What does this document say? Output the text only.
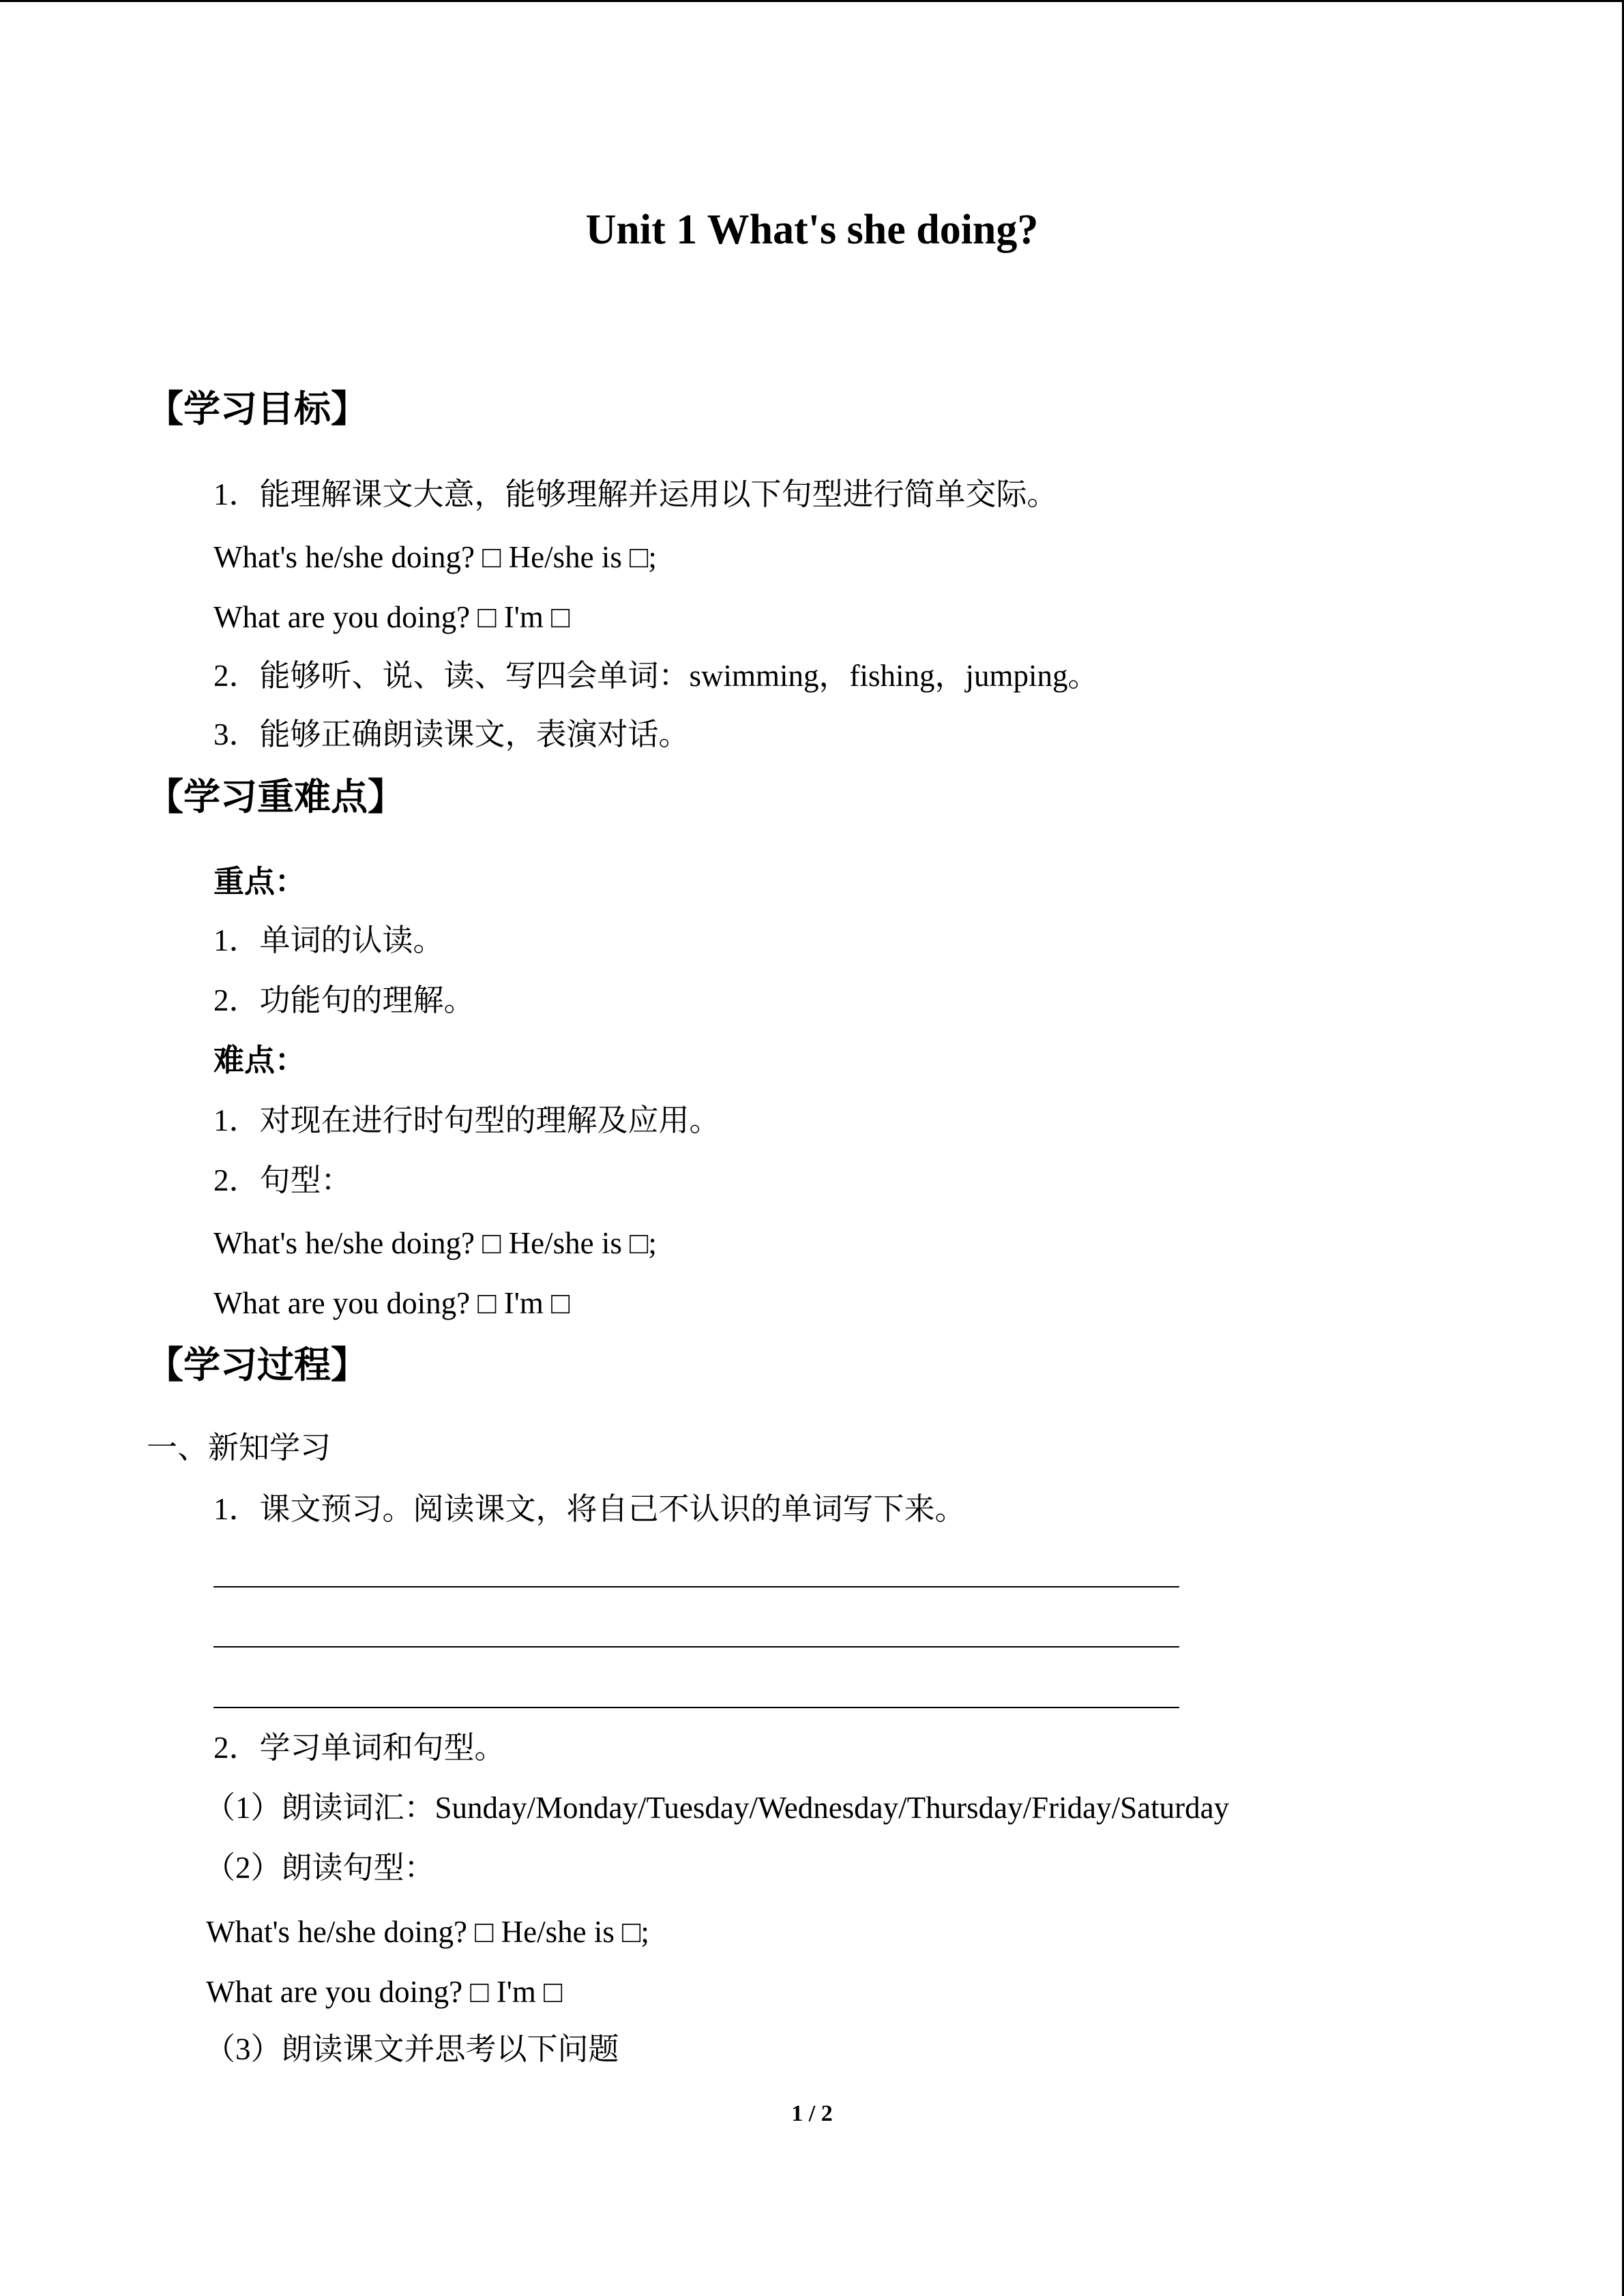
Unit 1 What's she doing?
【学习目标】
1．能理解课文大意，能够理解并运用以下句型进行简单交际。
What's he/she doing? □ He/she is □;
What are you doing? □ I'm □
2．能够听、说、读、写四会单词：swimming，fishing，jumping。
3．能够正确朗读课文，表演对话。
【学习重难点】
重点：
1．单词的认读。
2．功能句的理解。
难点：
1．对现在进行时句型的理解及应用。
2．句型：
What's he/she doing? □ He/she is □;
What are you doing? □ I'm □
【学习过程】
一、新知学习
1．课文预习。阅读课文，将自己不认识的单词写下来。
2．学习单词和句型。
（1）朗读词汇：Sunday/Monday/Tuesday/Wednesday/Thursday/Friday/Saturday
（2）朗读句型：
What's he/she doing? □ He/she is □;
What are you doing? □ I'm □
（3）朗读课文并思考以下问题
1 / 2
